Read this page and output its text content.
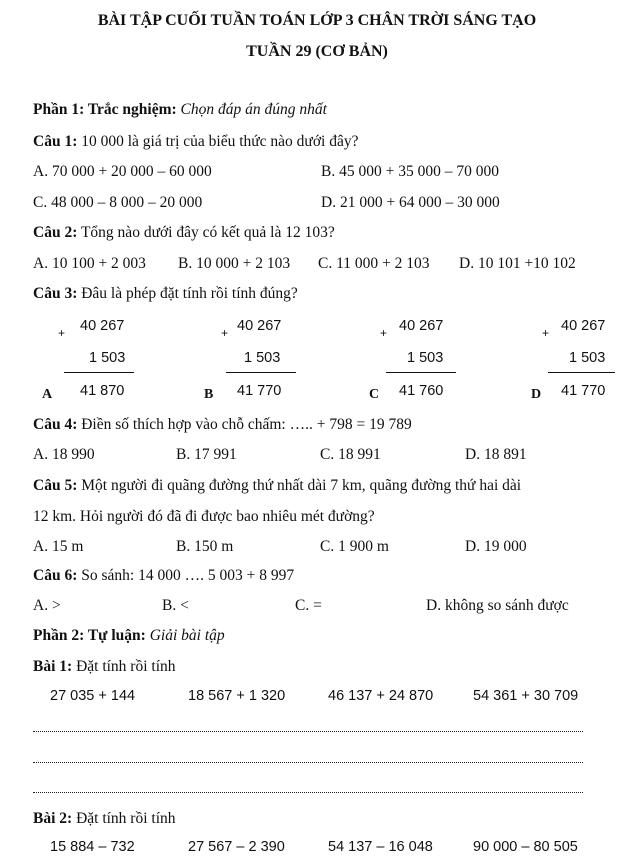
BÀI TẬP CUỐI TUẦN TOÁN LỚP 3 CHÂN TRỜI SÁNG TẠO
TUẦN 29 (CƠ BẢN)
Phần 1: Trắc nghiệm: Chọn đáp án đúng nhất
Câu 1: 10 000 là giá trị của biểu thức nào dưới đây?
A. 70 000 + 20 000 – 60 000	B. 45 000 + 35 000 – 70 000
C. 48 000 – 8 000 – 20 000	D. 21 000 + 64 000 – 30 000
Câu 2: Tổng nào dưới đây có kết quả là 12 103?
A. 10 100 + 2 003 B. 10 000 + 2 103 C. 11 000 + 2 103 D. 10 101 +10 102
Câu 3: Đâu là phép đặt tính rồi tính đúng?
+ 40 267
1 503
A 41 870
+ 40 267
1 503
B 41 770
+ 40 267
1 503
C 41 760
+ 40 267
1 503
D 41 770
Câu 4: Điền số thích hợp vào chỗ chấm: ….. + 798 = 19 789
A. 18 990	B. 17 991	C. 18 991	D. 18 891
Câu 5: Một người đi quãng đường thứ nhất dài 7 km, quãng đường thứ hai dài
12 km. Hỏi người đó đã đi được bao nhiêu mét đường?
A. 15 m	B. 150 m	C. 1 900 m	D. 19 000
Câu 6: So sánh: 14 000 …. 5 003 + 8 997
A. >	B. <	C. =	D. không so sánh được
Phần 2: Tự luận: Giải bài tập
Bài 1: Đặt tính rồi tính
27 035 + 144	18 567 + 1 320	46 137 + 24 870	54 361 + 30 709
Bài 2: Đặt tính rồi tính
15 884 – 732	27 567 – 2 390	54 137 – 16 048	90 000 – 80 505
